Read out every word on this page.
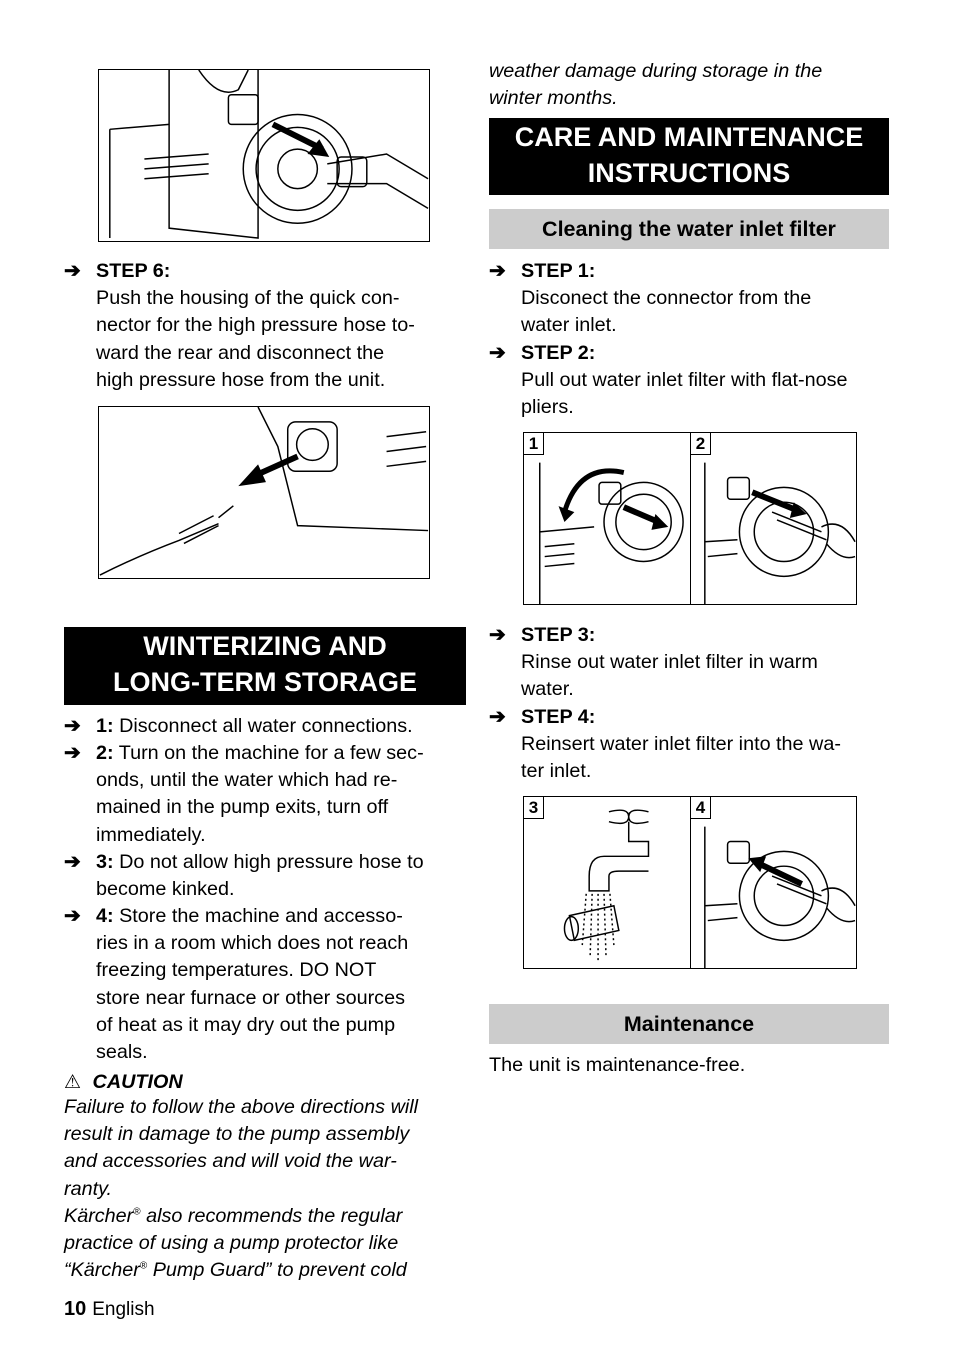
➔ STEP 6:
Push the housing of the quick con-
nector for the high pressure hose to-
ward the rear and disconnect the
high pressure hose from the unit.
WINTERIZING AND
LONG-TERM STORAGE
➔ 1: Disconnect all water connections.
➔ 2: Turn on the machine for a few sec-
onds, until the water which had re-
mained in the pump exits, turn off
immediately.
➔ 3: Do not allow high pressure hose to
become kinked.
➔ 4: Store the machine and accesso-
ries in a room which does not reach
freezing temperatures. DO NOT
store near furnace or other sources
of heat as it may dry out the pump
seals.
⚠ CAUTION
Failure to follow the above directions will
result in damage to the pump assembly
and accessories and will void the war-
ranty.
Kärcher® also recommends the regular
practice of using a pump protector like
“Kärcher® Pump Guard” to prevent cold
weather damage during storage in the
winter months.
CARE AND MAINTENANCE
INSTRUCTIONS
Cleaning the water inlet filter
➔ STEP 1:
Disconect the connector from the
water inlet.
➔ STEP 2:
Pull out water inlet filter with flat-nose
pliers.
1	2
➔ STEP 3:
Rinse out water inlet filter in warm
water.
➔ STEP 4:
Reinsert water inlet filter into the wa-
ter inlet.
3	4
Maintenance
The unit is maintenance-free.
10 English
